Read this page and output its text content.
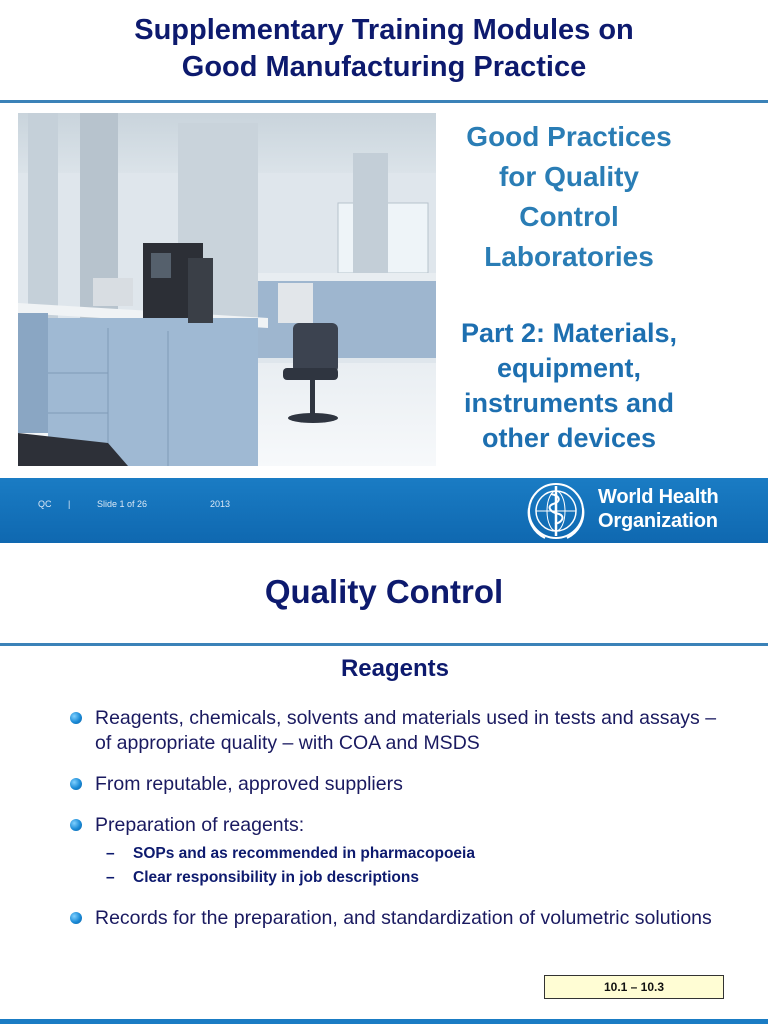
Supplementary Training Modules on
Good Manufacturing Practice
Good Practices
for Quality
Control
Laboratories
Part 2: Materials,
equipment,
instruments and
other devices
QC |	Slide 1 of 26	2013	World Health
Organization
Quality Control
Reagents
Reagents, chemicals, solvents and materials used in tests and assays – of appropriate quality – with COA and MSDS
From reputable, approved suppliers
Preparation of reagents:
– SOPs and as recommended in pharmacopoeia
– Clear responsibility in job descriptions
Records for the preparation, and standardization of volumetric solutions
10.1 – 10.3
